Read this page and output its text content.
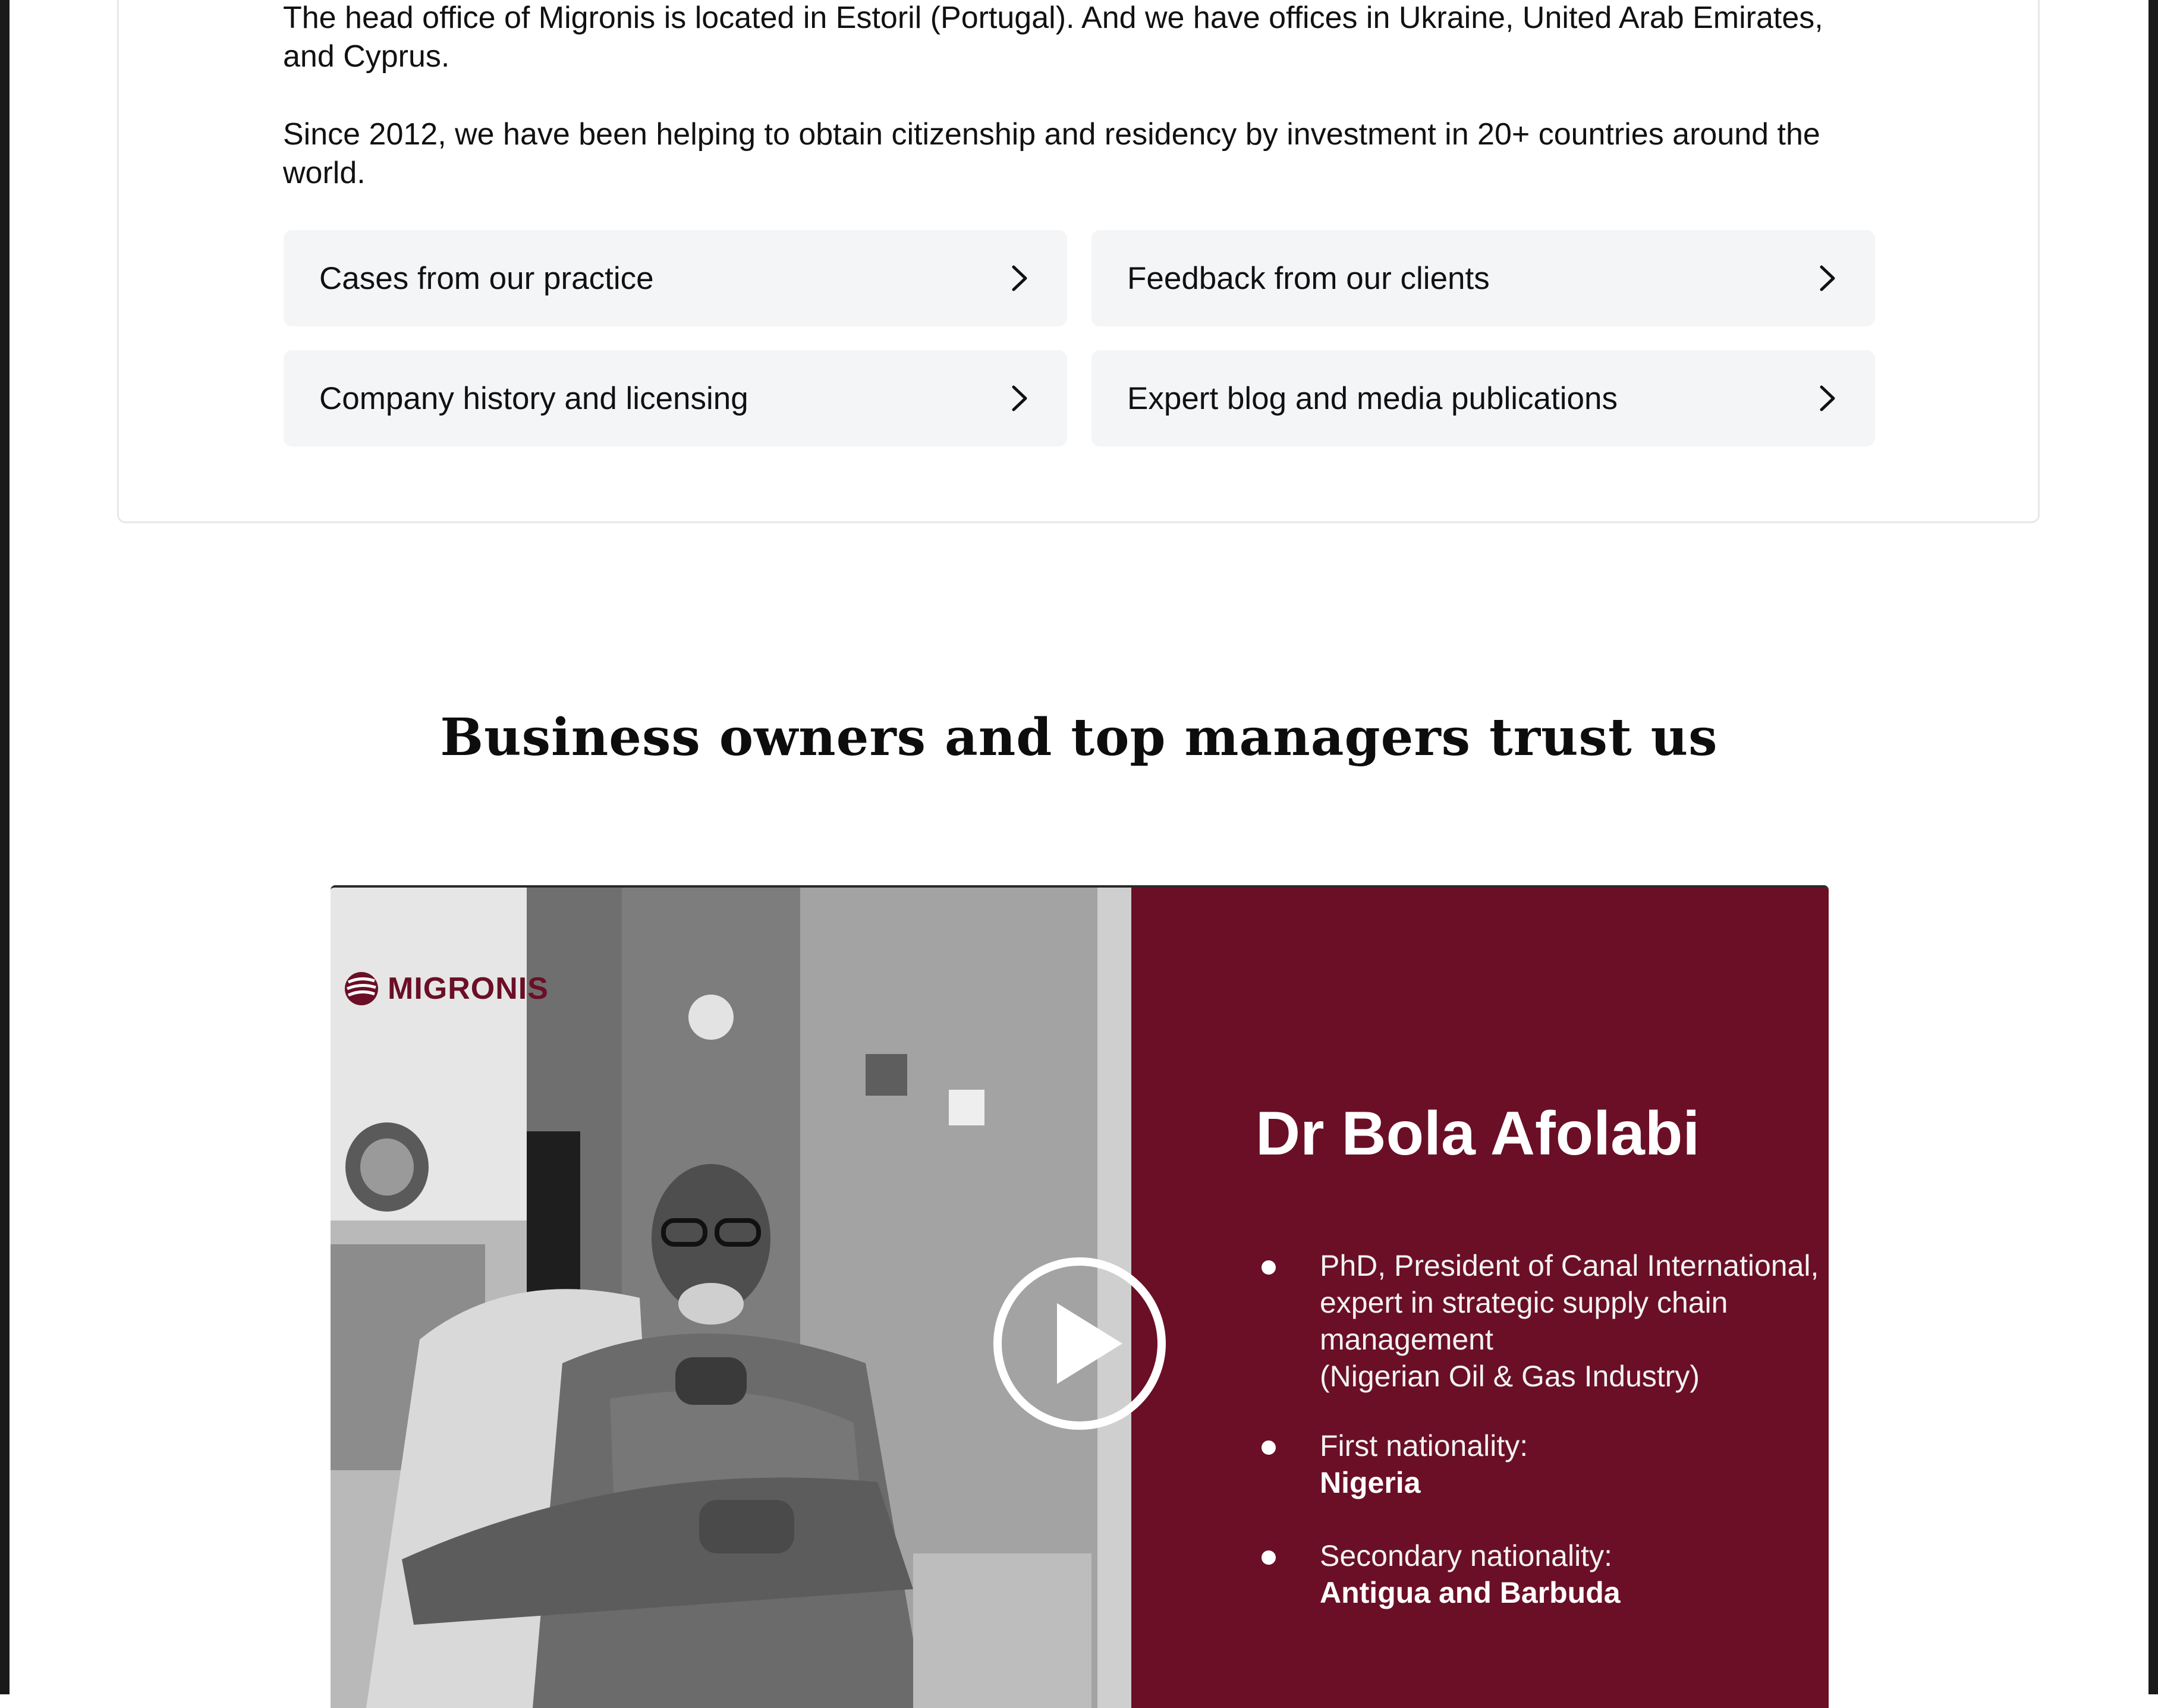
The head office of Migronis is located in Estoril (Portugal). And we have offices in Ukraine, United Arab Emirates, and Cyprus.

Since 2012, we have been helping to obtain citizenship and residency by investment in 20+ countries around the world.

Cases from our practice	Feedback from our clients
Company history and licensing	Expert blog and media publications
Business owners and top managers trust us
MIGRONIS
Dr Bola Afolabi
PhD, President of Canal International,
expert in strategic supply chain
management
(Nigerian Oil & Gas Industry)
First nationality:
Nigeria
Secondary nationality:
Antigua and Barbuda
